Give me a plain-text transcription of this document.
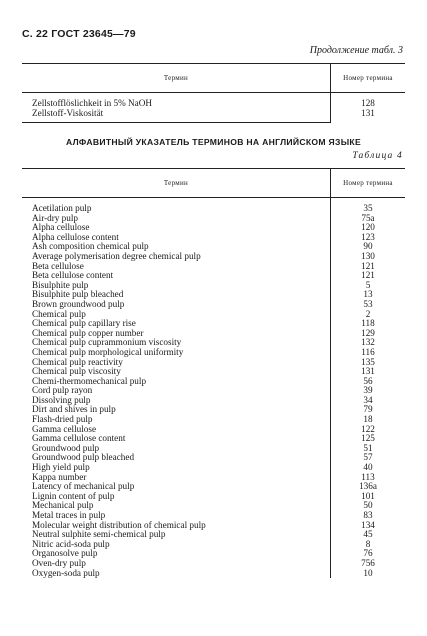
С. 22 ГОСТ 23645—79
Продолжение табл. 3
Термин	Номер термина
Zellstofflöslichkeit in 5% NaOH	128
Zellstoff-Viskosität	131
АЛФАВИТНЫЙ УКАЗАТЕЛЬ ТЕРМИНОВ НА АНГЛИЙСКОМ ЯЗЫКЕ
Таблица 4
Термин	Номер термина
Acetilation pulp	35
Air-dry pulp	75a
Alpha cellulose	120
Alpha cellulose content	123
Ash composition chemical pulp	90
Average polymerisation degree chemical pulp	130
Beta cellulose	121
Beta cellulose content	121
Bisulphite pulp	5
Bisulphite pulp bleached	13
Brown groundwood pulp	53
Chemical pulp	2
Chemical pulp capillary rise	118
Chemical pulp copper number	129
Chemical pulp cuprammonium viscosity	132
Chemical pulp morphological uniformity	116
Chemical pulp reactivity	135
Chemical pulp viscosity	131
Chemi-thermomechanical pulp	56
Cord pulp rayon	39
Dissolving pulp	34
Dirt and shives in pulp	79
Flash-dried pulp	18
Gamma cellulose	122
Gamma cellulose content	125
Groundwood pulp	51
Groundwood pulp bleached	57
High yield pulp	40
Kappa number	113
Latency of mechanical pulp	136a
Lignin content of pulp	101
Mechanical pulp	50
Metal traces in pulp	83
Molecular weight distribution of chemical pulp	134
Neutral sulphite semi-chemical pulp	45
Nitric acid-soda pulp	8
Organosolve pulp	76
Oven-dry pulp	756
Oxygen-soda pulp	10
